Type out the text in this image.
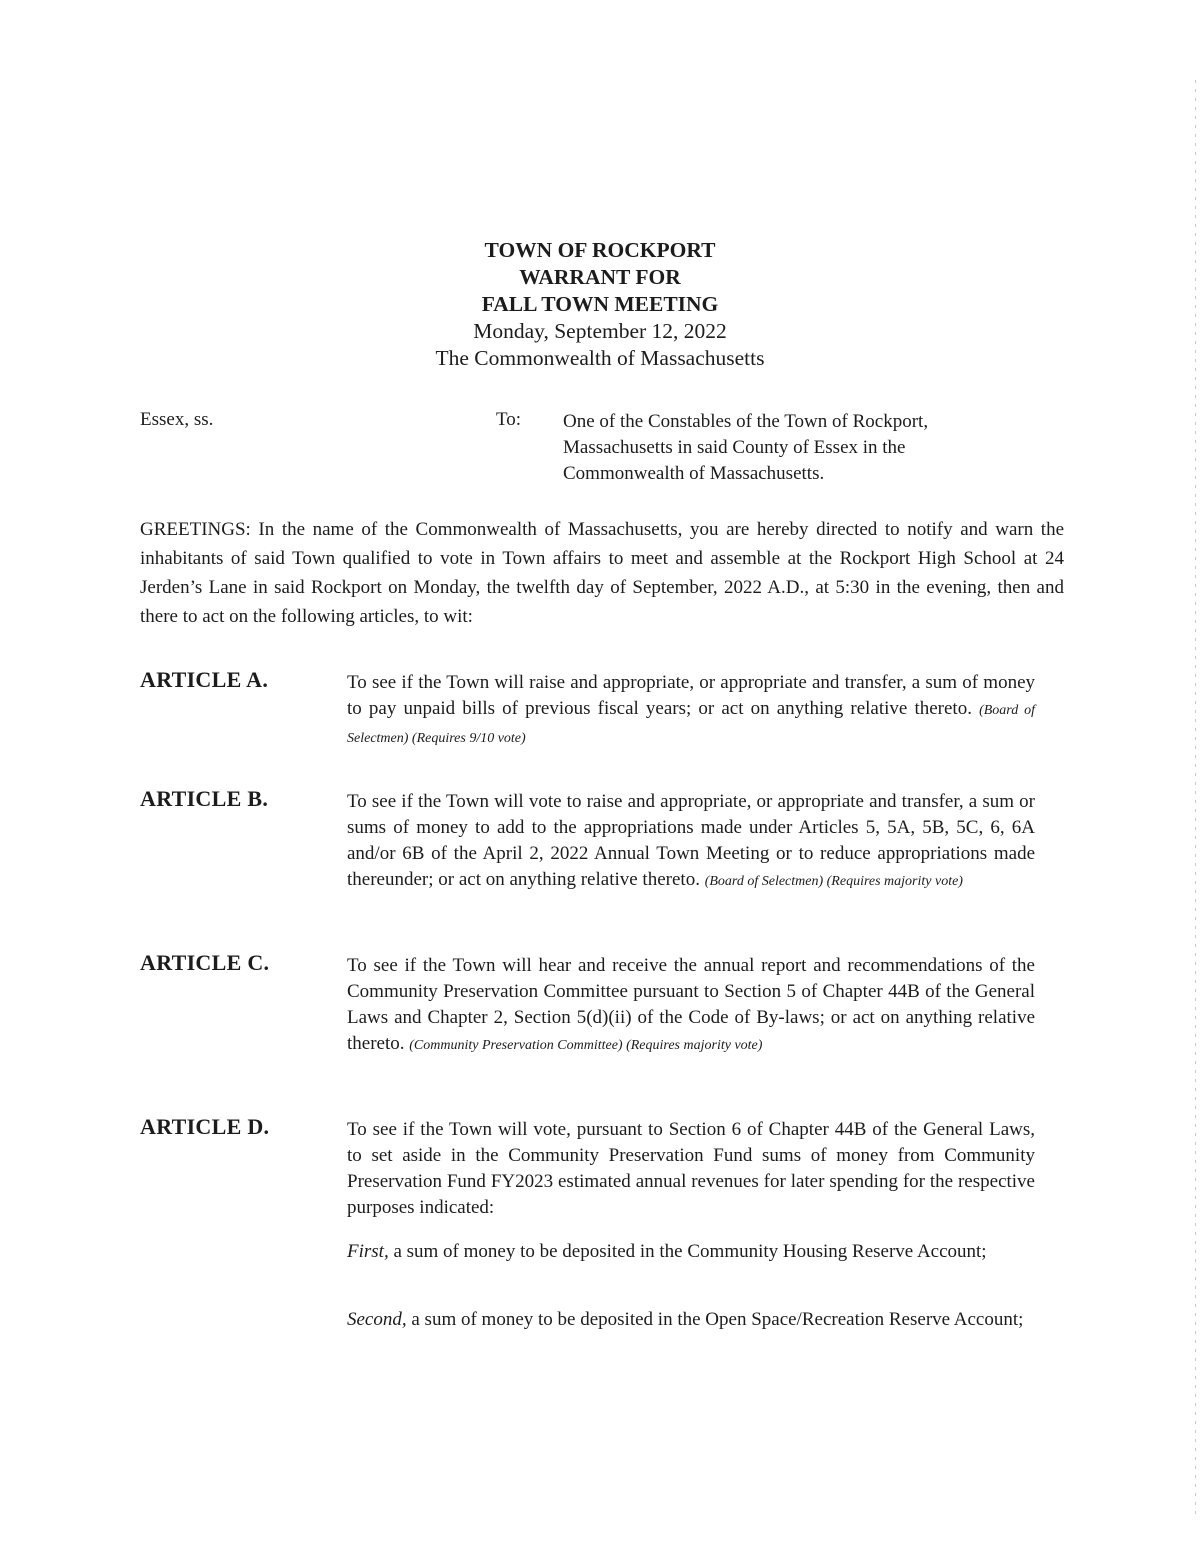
TOWN OF ROCKPORT
WARRANT FOR
FALL TOWN MEETING
Monday, September 12, 2022
The Commonwealth of Massachusetts
Essex, ss.	To: One of the Constables of the Town of Rockport, Massachusetts in said County of Essex in the Commonwealth of Massachusetts.

GREETINGS: In the name of the Commonwealth of Massachusetts, you are hereby directed to notify and warn the inhabitants of said Town qualified to vote in Town affairs to meet and assemble at the Rockport High School at 24 Jerden’s Lane in said Rockport on Monday, the twelfth day of September, 2022 A.D., at 5:30 in the evening, then and there to act on the following articles, to wit:

ARTICLE A.	To see if the Town will raise and appropriate, or appropriate and transfer, a sum of money to pay unpaid bills of previous fiscal years; or act on anything relative thereto. (Board of Selectmen) (Requires 9/10 vote)

ARTICLE B.	To see if the Town will vote to raise and appropriate, or appropriate and transfer, a sum or sums of money to add to the appropriations made under Articles 5, 5A, 5B, 5C, 6, 6A and/or 6B of the April 2, 2022 Annual Town Meeting or to reduce appropriations made thereunder; or act on anything relative thereto. (Board of Selectmen) (Requires majority vote)

ARTICLE C.	To see if the Town will hear and receive the annual report and recommendations of the Community Preservation Committee pursuant to Section 5 of Chapter 44B of the General Laws and Chapter 2, Section 5(d)(ii) of the Code of By-laws; or act on anything relative thereto. (Community Preservation Committee) (Requires majority vote)

ARTICLE D.	To see if the Town will vote, pursuant to Section 6 of Chapter 44B of the General Laws, to set aside in the Community Preservation Fund sums of money from Community Preservation Fund FY2023 estimated annual revenues for later spending for the respective purposes indicated:

First, a sum of money to be deposited in the Community Housing Reserve Account;

Second, a sum of money to be deposited in the Open Space/Recreation Reserve Account;
